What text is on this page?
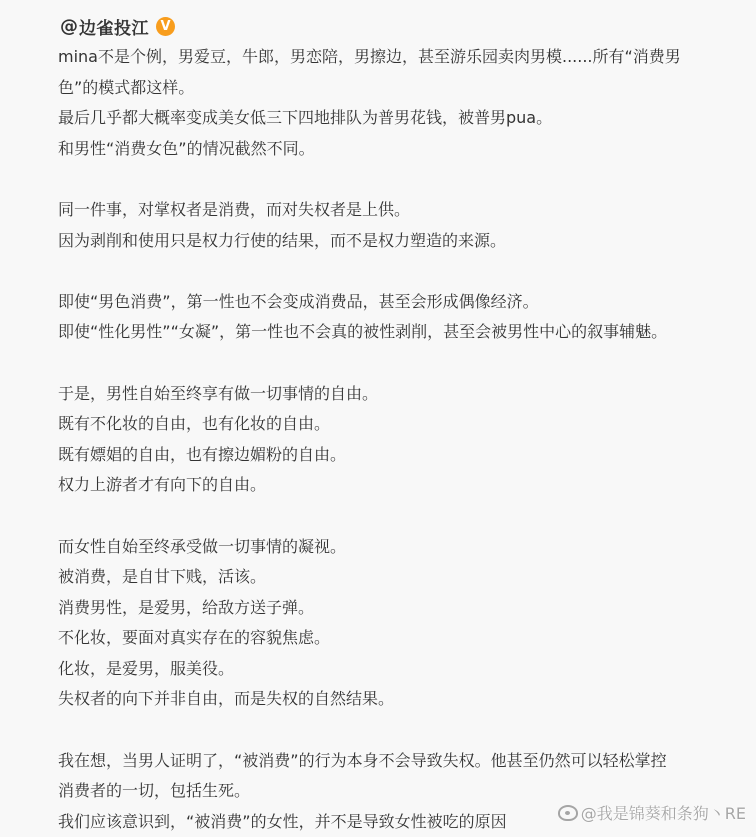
@ 边雀投江 V
mina不是个例，男爱豆，牛郎，男恋陪，男擦边，甚至游乐园卖肉男模......所有“消费男
色”的模式都这样。
最后几乎都大概率变成美女低三下四地排队为普男花钱，被普男pua。
和男性“消费女色”的情况截然不同。
同一件事，对掌权者是消费，而对失权者是上供。
因为剥削和使用只是权力行使的结果，而不是权力塑造的来源。
即使“男色消费”，第一性也不会变成消费品，甚至会形成偶像经济。
即使“性化男性”“女凝”，第一性也不会真的被性剥削，甚至会被男性中心的叙事辅魅。
于是，男性自始至终享有做一切事情的自由。
既有不化妆的自由，也有化妆的自由。
既有嫖娼的自由，也有擦边媚粉的自由。
权力上游者才有向下的自由。
而女性自始至终承受做一切事情的凝视。
被消费，是自甘下贱，活该。
消费男性，是爱男，给敌方送子弹。
不化妆，要面对真实存在的容貌焦虑。
化妆，是爱男，服美役。
失权者的向下并非自由，而是失权的自然结果。
我在想，当男人证明了，“被消费”的行为本身不会导致失权。他甚至仍然可以轻松掌控
消费者的一切，包括生死。
我们应该意识到，“被消费”的女性，并不是导致女性被吃的原因	@我是锦葵和条狗丶RE
